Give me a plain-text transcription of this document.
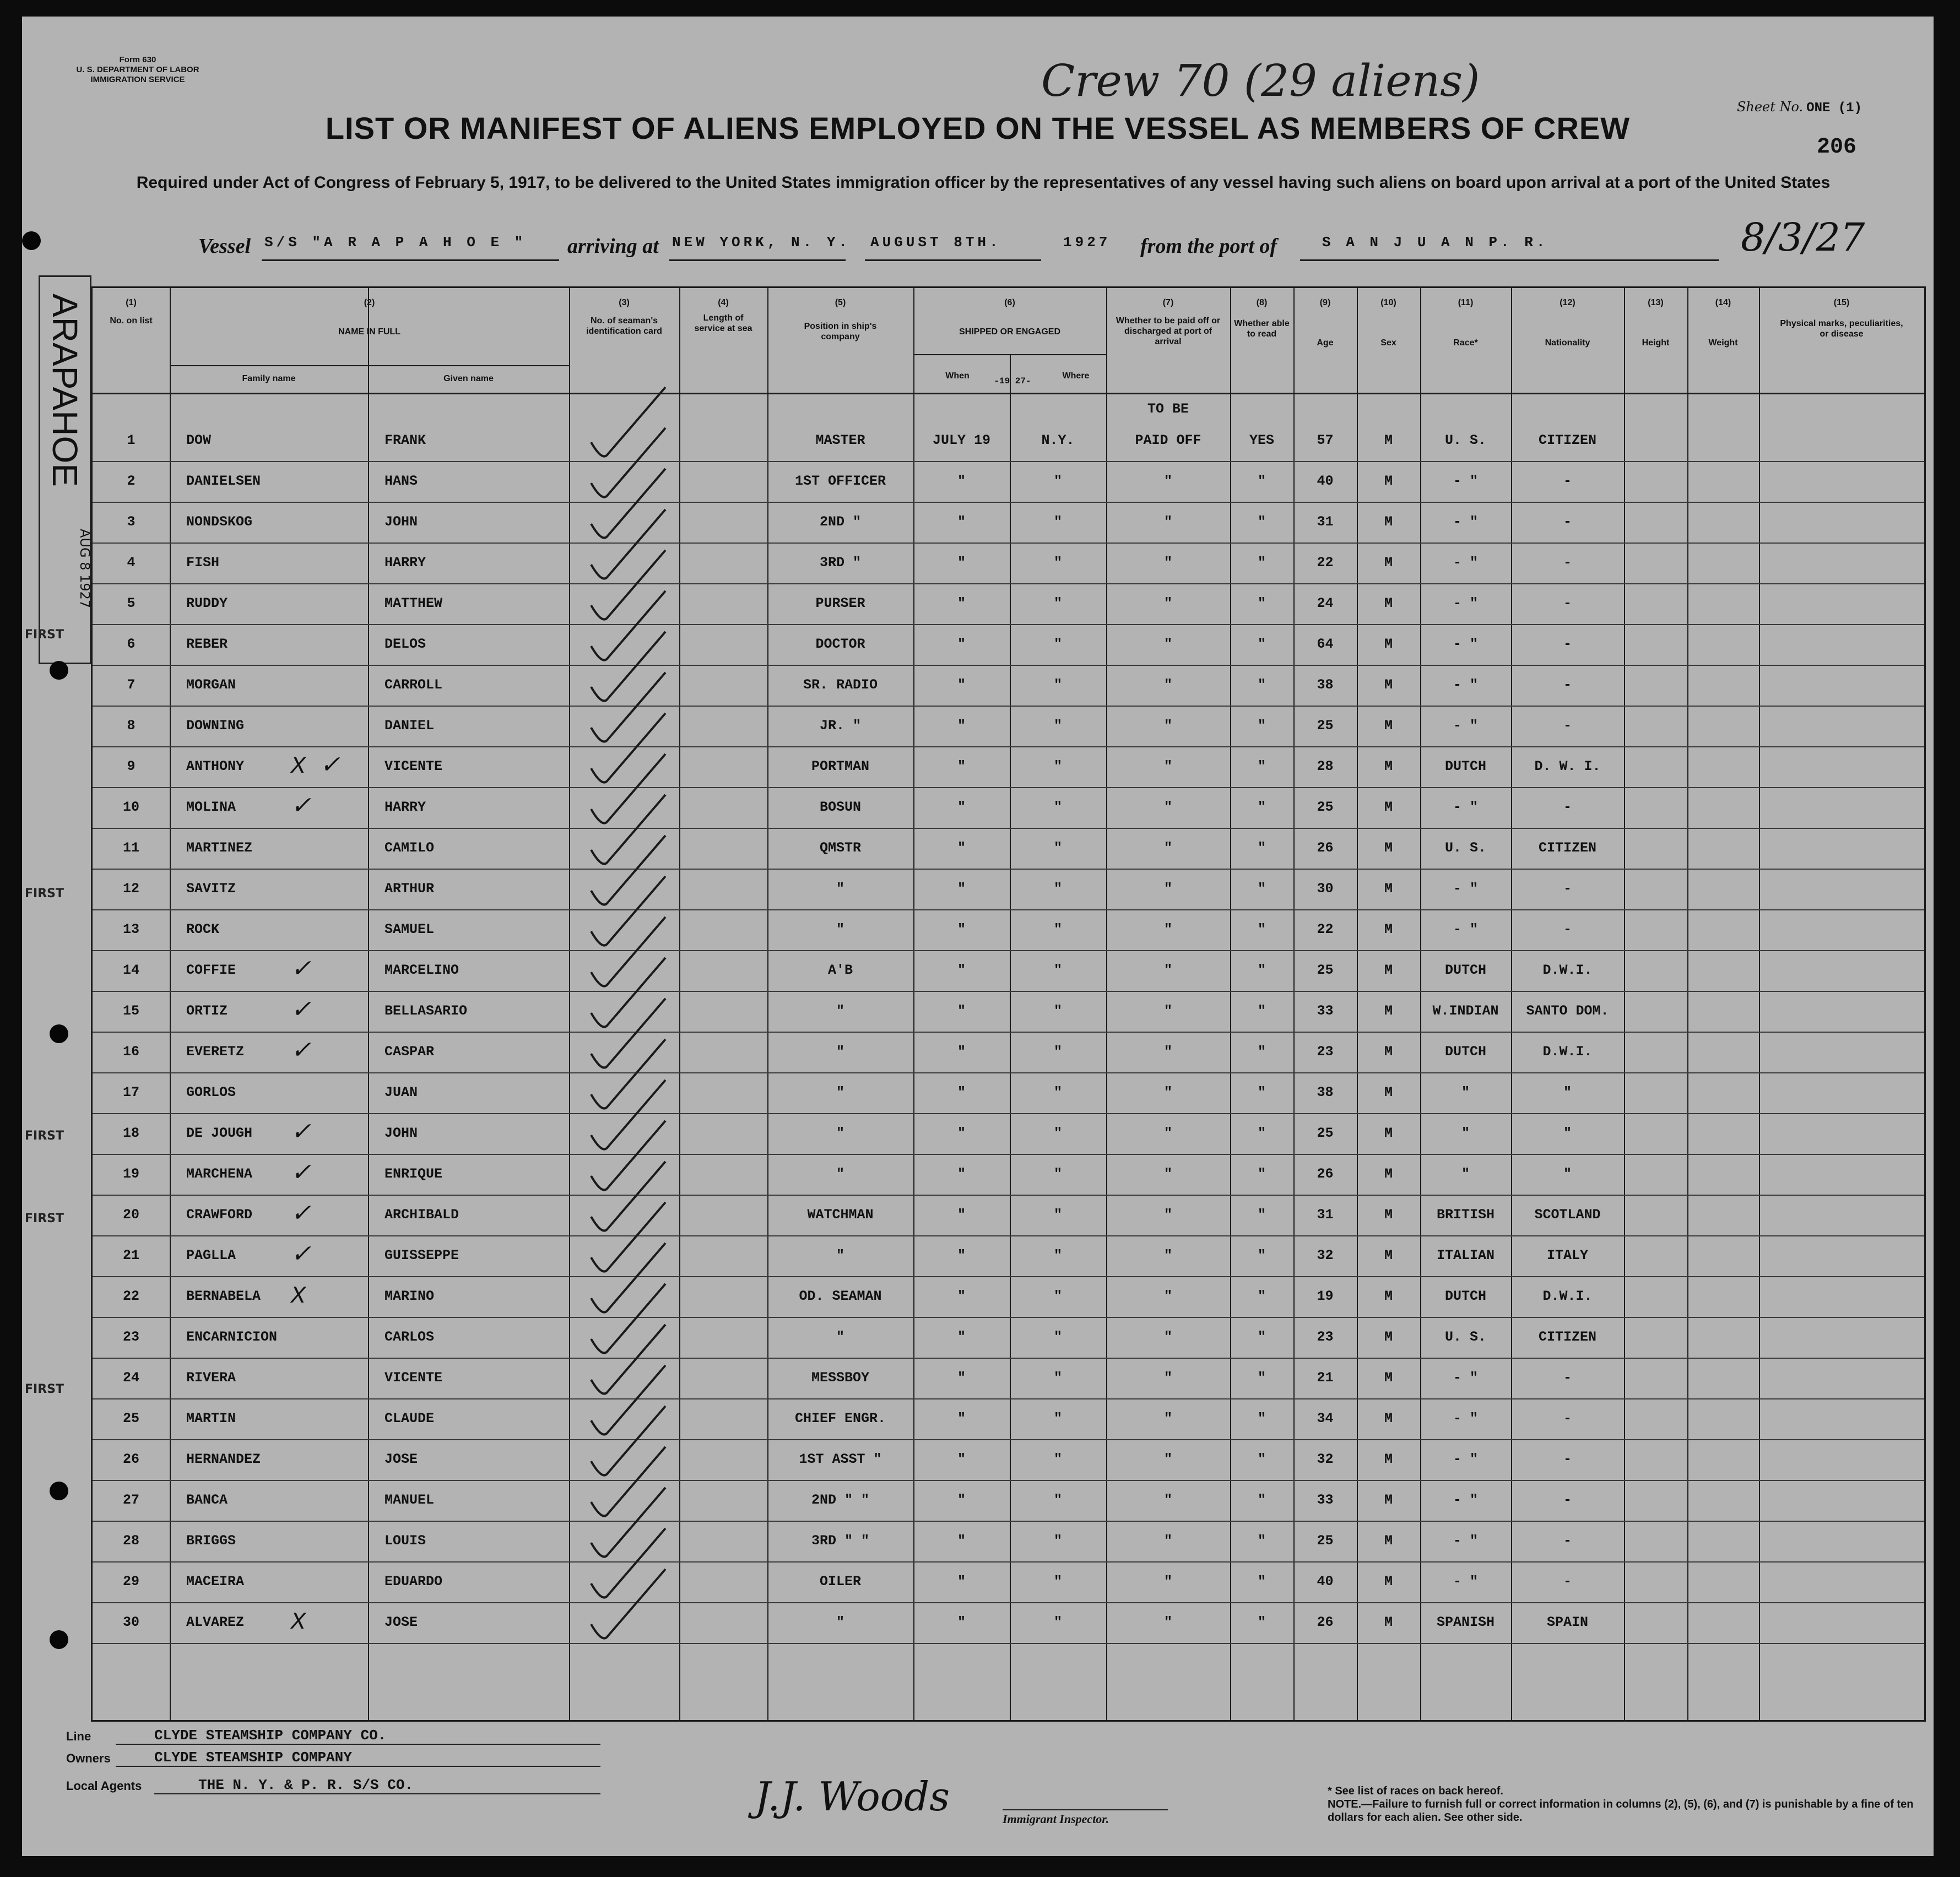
Form 630
U. S. DEPARTMENT OF LABOR
IMMIGRATION SERVICE	Crew 70 (29 aliens)
Sheet No. ONE (1)
206
LIST OR MANIFEST OF ALIENS EMPLOYED ON THE VESSEL AS MEMBERS OF CREW
Required under Act of Congress of February 5, 1917, to be delivered to the United States immigration officer by the representatives of any vessel having such aliens on board upon arrival at a port of the United States
Vessel S/S "A R A P A H O E " arriving at NEW YORK, N. Y. AUGUST 8TH.	1927 from the port of	S A N J U A N P. R.	8/3/27
ARAPAHOE
AUG 8 1927
FIRST
FIRST
FIRST
FIRST
FIRST
(1)
No. on list
(2)
NAME IN FULL
Family name	Given name
(3)
No. of seaman's identification card
(4)
Length of service at sea
(5)
Position in ship's company
(6)
SHIPPED OR ENGAGED
When
-19 27-
Where
(7)
Whether to be paid off or discharged at port of arrival
(8)
Whether able to read
(9)
Age
(10)
Sex
(11)
Race*
(12)
Nationality
(13)
Height
(14)
Weight
(15)
Physical marks, peculiarities, or disease
TO BE
1	DOW	FRANK	MASTER	JULY 19	N.Y.	PAID OFF	YES	57	M	U. S.	CITIZEN
2	DANIELSEN	HANS	1ST OFFICER	"	"	"	"	40	M	- "	-
3	NONDSKOG	JOHN	2ND "	"	"	"	"	31	M	- "	-
4	FISH	HARRY	3RD "	"	"	"	"	22	M	- "	-
5	RUDDY	MATTHEW	PURSER	"	"	"	"	24	M	- "	-
6	REBER	DELOS	DOCTOR	"	"	"	"	64	M	- "	-
7	MORGAN	CARROLL	SR. RADIO	"	"	"	"	38	M	- "	-
8	DOWNING	DANIEL	JR. "	"	"	"	"	25	M	- "	-
9	ANTHONY	VICENTE	PORTMAN	"	"	"	"	28	M	DUTCH	D. W. I.
X ✓
10	MOLINA	HARRY	BOSUN	"	"	"	"	25	M	- "	-
✓
11	MARTINEZ	CAMILO	QMSTR	"	"	"	"	26	M	U. S.	CITIZEN
12	SAVITZ	ARTHUR	"	"	"	"	"	30	M	- "	-
13	ROCK	SAMUEL	"	"	"	"	"	22	M	- "	-
14	COFFIE	MARCELINO	A'B	"	"	"	"	25	M	DUTCH	D.W.I.
✓
15	ORTIZ	BELLASARIO	"	"	"	"	"	33	M	W.INDIAN	SANTO DOM.
✓
16	EVERETZ	CASPAR	"	"	"	"	"	23	M	DUTCH	D.W.I.
✓
17	GORLOS	JUAN	"	"	"	"	"	38	M	"	"
18	DE JOUGH	JOHN	"	"	"	"	"	25	M	"	"
✓
19	MARCHENA	ENRIQUE	"	"	"	"	"	26	M	"	"
✓
20	CRAWFORD	ARCHIBALD	WATCHMAN	"	"	"	"	31	M	BRITISH	SCOTLAND
✓
21	PAGLLA	GUISSEPPE	"	"	"	"	"	32	M	ITALIAN	ITALY
✓
22	BERNABELA	MARINO	OD. SEAMAN	"	"	"	"	19	M	DUTCH	D.W.I.
X
23	ENCARNICION	CARLOS	"	"	"	"	"	23	M	U. S.	CITIZEN
24	RIVERA	VICENTE	MESSBOY	"	"	"	"	21	M	- "	-
25	MARTIN	CLAUDE	CHIEF ENGR.	"	"	"	"	34	M	- "	-
26	HERNANDEZ	JOSE	1ST ASST "	"	"	"	"	32	M	- "	-
27	BANCA	MANUEL	2ND " "	"	"	"	"	33	M	- "	-
28	BRIGGS	LOUIS	3RD " "	"	"	"	"	25	M	- "	-
29	MACEIRA	EDUARDO	OILER	"	"	"	"	40	M	- "	-
30	ALVAREZ	JOSE	"	"	"	"	"	26	M	SPANISH	SPAIN
X
Line	CLYDE STEAMSHIP COMPANY CO.
Owners	CLYDE STEAMSHIP COMPANY
Local Agents	THE N. Y. & P. R. S/S CO.	J.J. Woods	Immigrant Inspector.
* See list of races on back hereof.
NOTE.—Failure to furnish full or correct information in columns (2), (5), (6), and (7) is punishable by a fine of ten dollars for each alien. See other side.
